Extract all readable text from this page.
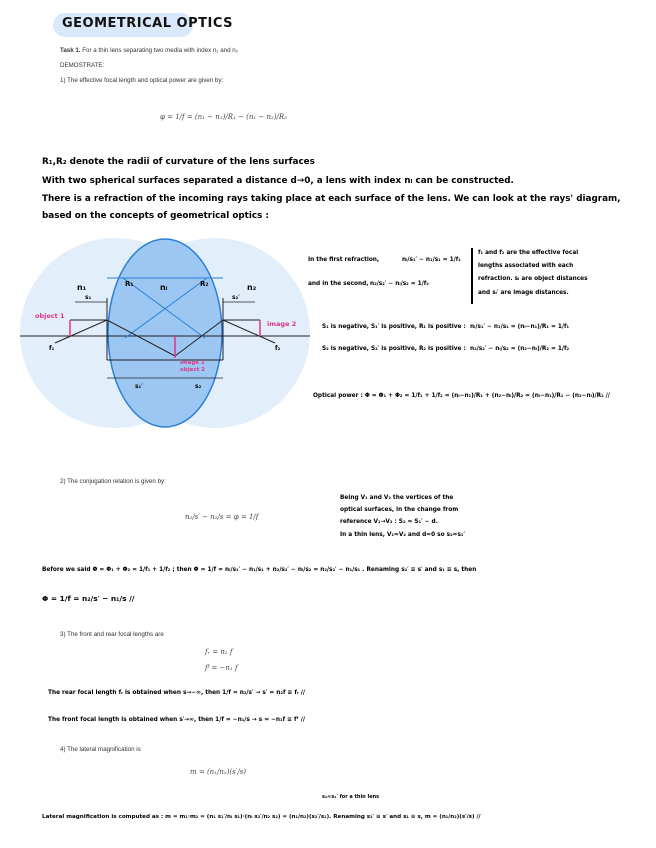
GEOMETRICAL OPTICS
Task 1. For a thin lens separating two media with index n₁ and n₂
DEMOSTRATE:
1) The effective focal length and optical power are given by:
φ = 1/f = (n₁ − n₁)/R₁ − (n₁ − n₂)/R₂
R₁,R₂ denote the radii of curvature of the lens surfaces
With two spherical surfaces separated a distance d→0, a lens with index nₗ can be constructed.
There is a refraction of the incoming rays taking place at each surface of the lens. We can look at the rays' diagram,
based on the concepts of geometrical optics :
n₁	nₗ	n₂
R₁	R₂
s₁	s₂′
s₁′	s₂
f₁	f₂
object 1
image 2
image 1
object 2
In the first refraction,	nₗ/s₁′ − n₁/s₁ = 1/f₁
and in the second, n₂/s₂′ − nₗ/s₂ = 1/f₂
f₁ and f₂ are the effective focal
lengths associated with each
refraction. sᵢ are object distances
and sᵢ′ are image distances.
S₁ is negative, S₁′ is positive, R₁ is positive : nₗ/s₁′ − n₁/s₁ = (nₗ−n₁)/R₁ = 1/f₁
S₂ is negative, S₂′ is positive, R₂ is positive : n₂/s₂′ − nₗ/s₂ = (n₂−nₗ)/R₂ = 1/f₂
Optical power : Φ = Φ₁ + Φ₂ = 1/f₁ + 1/f₂ = (nₗ−n₁)/R₁ + (n₂−nₗ)/R₂ = (nₗ−n₁)/R₁ − (n₂−nₗ)/R₂ //
2) The conjugation relation is given by:
n₂/s′ − n₁/s = φ = 1/f
Being V₁ and V₂ the vertices of the
optical surfaces, in the change from
reference V₁→V₂ : S₂ = S₁′ − d.
In a thin lens, V₁≈V₂ and d≈0 so s₂≈s₁′
Before we said Φ = Φ₁ + Φ₂ = 1/f₁ + 1/f₂ ; then Φ = 1/f = nₗ/s₁′ − n₁/s₁ + n₂/s₂′ − nₗ/s₂ = n₂/s₂′ − n₁/s₁ . Renaming s₂′ ≡ s′ and s₁ ≡ s, then
Φ = 1/f = n₂/s′ − n₁/s //
3) The front and rear focal lengths are
fᵣ = n₂ f
fᶠ = −n₁ f
The rear focal length fᵣ is obtained when s→−∞, then 1/f = n₂/s′ → s′ = n₂f ≡ fᵣ //
The front focal length is obtained when s′→∞, then 1/f = −n₁/s → s = −n₁f ≡ fᶠ //
4) The lateral magnification is
m = (n₁/n₂)(s′/s)
s₂≈s₁′ for a thin lens
Lateral magnification is computed as : m = m₁·m₂ = (n₁ s₁′/nₗ s₁)·(nₗ s₂′/n₂ s₂) = (n₁/n₂)(s₂′/s₁). Renaming s₂′ ≡ s′ and s₁ ≡ s, m = (n₁/n₂)(s′/s) //
